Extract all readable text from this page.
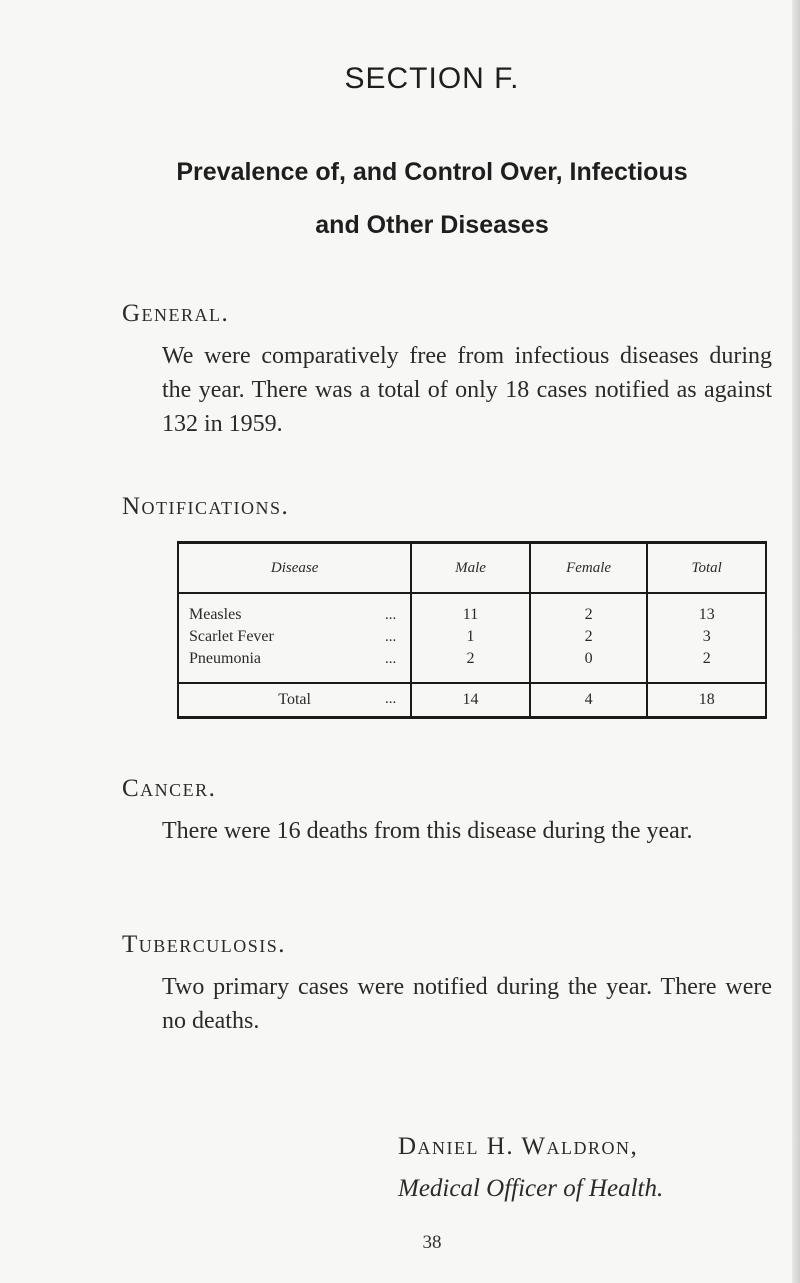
SECTION F.
Prevalence of, and Control Over, Infectious
and Other Diseases
General.

We were comparatively free from infectious diseases during the year. There was a total of only 18 cases notified as against 132 in 1959.

Notifications.
Disease	Male	Female	Total
Measles ...	11	2	13
Scarlet Fever ...	1	2	3
Pneumonia ...	2	0	2
Total ...	14	4	18
Cancer.

There were 16 deaths from this disease during the year.

Tuberculosis.

Two primary cases were notified during the year. There were no deaths.

Daniel H. Waldron,

Medical Officer of Health.

38
